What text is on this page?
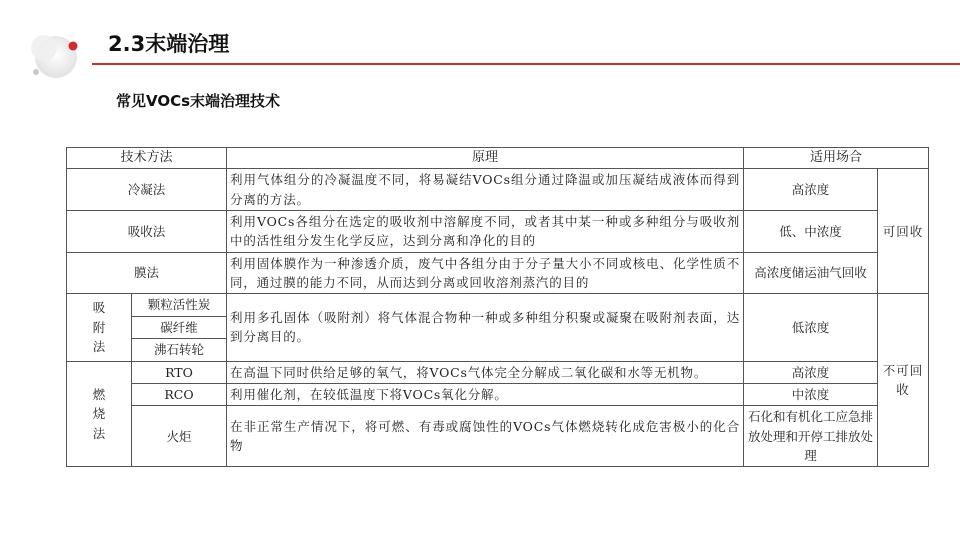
2.3末端治理
常见VOCs末端治理技术
技术方法		原理	适用场合	
冷凝法		利用气体组分的冷凝温度不同，将易凝结VOCs组分通过降温或加压凝结成液体而得到分离的方法。	高浓度	可回收
吸收法		利用VOCs各组分在选定的吸收剂中溶解度不同，或者其中某一种或多种组分与吸收剂中的活性组分发生化学反应，达到分离和净化的目的	低、中浓度	
膜法		利用固体膜作为一种渗透介质，废气中各组分由于分子量大小不同或核电、化学性质不同，通过膜的能力不同，从而达到分离或回收溶剂蒸汽的目的	高浓度储运油气回收	

吸
附
法	颗粒活性炭	利用多孔固体（吸附剂）将气体混合物种一种或多种组分积聚或凝聚在吸附剂表面，达到分离目的。	低浓度	不可回收
	碳纤维			
	沸石转轮			

燃
烧
法	RTO	在高温下同时供给足够的氧气，将VOCs气体完全分解成二氧化碳和水等无机物。	高浓度	
	RCO	利用催化剂，在较低温度下将VOCs氧化分解。	中浓度	
	火炬	在非正常生产情况下，将可燃、有毒或腐蚀性的VOCs气体燃烧转化成危害极小的化合物	石化和有机化工应急排放处理和开停工排放处理	
